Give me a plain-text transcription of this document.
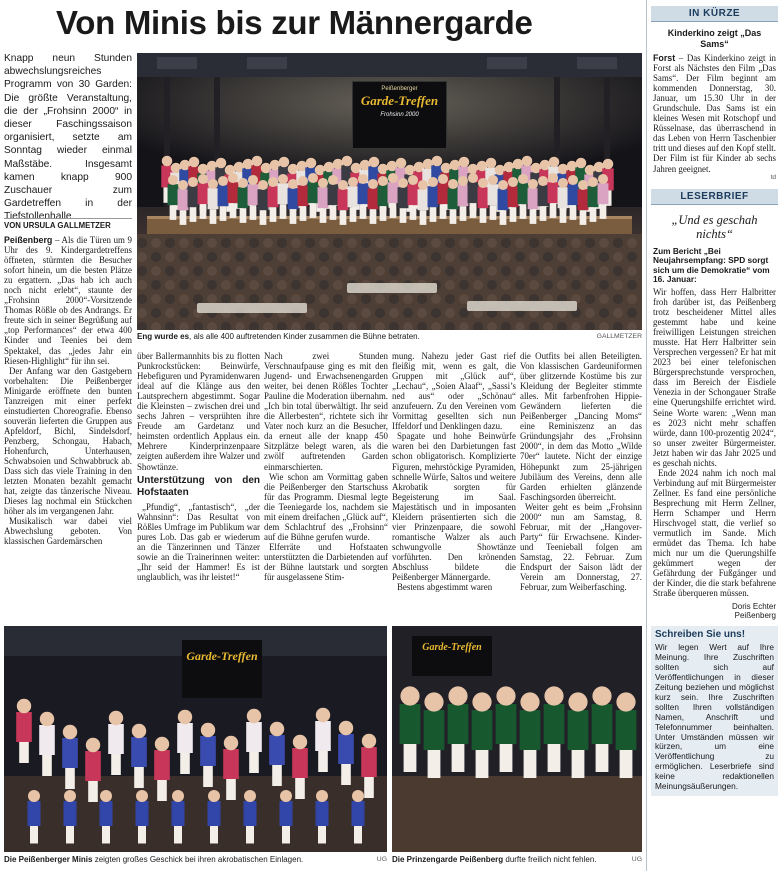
Von Minis bis zur Männergarde
Knapp neun Stunden abwechslungsreiches Programm von 30 Garden: Die größte Veranstaltung, die der „Frohsinn 2000“ in dieser Faschingssaison organisiert, setzte am Sonntag wieder einmal Maßstäbe. Insgesamt kamen knapp 900 Zuschauer zum Gardetreffen in der Tiefstollenhalle.
VON URSULA GALLMETZER
Peißenberger
Garde-Treffen
Frohsinn 2000
Eng wurde es, als alle 400 auftretenden Kinder zusammen die Bühne betraten.	GALLMETZER

Peißenberg – Als die Türen um 9 Uhr des 9. Kindergardetreffens öffneten, stürmten die Besucher sofort hinein, um die besten Plätze zu ergattern. „Das hab ich auch noch nicht erlebt“, staunte der „Frohsinn 2000“-Vorsitzende Thomas Rößle ob des Andrangs. Er freute sich in seiner Begrüßung auf „top Performances“ der etwa 400 Kinder und Teenies bei dem Spektakel, das „jedes Jahr ein Riesen-Highlight“ für ihn sei.

Der Anfang war den Gastgebern vorbehalten: Die Peißenberger Minigarde eröffnete den bunten Tanzreigen mit einer perfekt einstudierten Choreografie. Ebenso souverän lieferten die Gruppen aus Apfeldorf, Bichl, Sindelsdorf, Penzberg, Schongau, Habach, Hohenfurch, Unterhausen, Schwabsoien und Schwabbruck ab. Dass sich das viele Training in den letzten Monaten bezahlt gemacht hat, zeigte das tänzerische Niveau. Dieses lag nochmal ein Stückchen höher als im vergangenen Jahr.

Musikalisch war dabei viel Abwechslung geboten. Von klassischen Gardemärschen

über Ballermannhits bis zu flotten Punkrockstücken: Beinwürfe, Hebefiguren und Pyramidenwaren ideal auf die Klänge aus den Lautsprechern abgestimmt. Sogar die Kleinsten – zwischen drei und sechs Jahren – versprühten ihre Freude am Gardetanz und heimsten ordentlich Applaus ein. Mehrere Kinderprinzenpaare zeigten außerdem ihre Walzer und Showtänze.

Unterstützung von den Hofstaaten

„Pfundig“, „fantastisch“, „der Wahnsinn“: Das Resultat von Rößles Umfrage im Publikum war pures Lob. Das gab er wiederum an die Tänzerinnen und Tänzer sowie an die Trainerinnen weiter: „Ihr seid der Hammer! Es ist unglaublich, was ihr leistet!“

Nach zwei Stunden Verschnaufpause ging es mit den Jugend- und Erwachsenengarden weiter, bei denen Rößles Tochter Pauline die Moderation übernahm. „Ich bin total überwältigt. Ihr seid die Allerbesten“, richtete sich ihr Vater noch kurz an die Besucher, da erneut alle der knapp 450 Sitzplätze belegt waren, als die zwölf auftretenden Garden einmarschierten.

Wie schon am Vormittag gaben die Peißenberger den Startschuss für das Programm. Diesmal legte die Teeniegarde los, nachdem sie mit einem dreifachen „Glück auf“, dem Schlachtruf des „Frohsinn“ auf die Bühne gerufen wurde.

Elferräte und Hofstaaten unterstützten die Darbietenden auf der Bühne lautstark und sorgten für ausgelassene Stim-

mung. Nahezu jeder Gast rief fleißig mit, wenn es galt, die Gruppen mit „Glück auf“, „Lechau“, „Soien Alaaf“, „Sassi’s ned aus“ oder „Schönau“ anzufeuern. Zu den Vereinen vom Vormittag gesellten sich nun Iffeldorf und Denklingen dazu.

Spagate und hohe Beinwürfe waren bei den Darbietungen fast schon obligatorisch. Komplizierte Figuren, mehrstöckige Pyramiden, schnelle Würfe, Saltos und weitere Akrobatik sorgten für Begeisterung im Saal. Majestätisch und in imposanten Kleidern präsentierten sich die vier Prinzenpaare, die sowohl romantische Walzer als auch schwungvolle Showtänze vorführten. Den krönenden Abschluss bildete die Peißenberger Männergarde.

Bestens abgestimmt waren

die Outfits bei allen Beteiligten. Von klassischen Gardeuniformen über glitzernde Kostüme bis zur Kleidung der Begleiter stimmte alles. Mit farbenfrohen Hippie-Gewändern lieferten die Peißenberger „Dancing Moms“ eine Reminiszenz an das Gründungsjahr des „Frohsinn 2000“, in dem das Motto „Wilde 70er“ lautete. Nicht der einzige Höhepunkt zum 25-jährigen Jubiläum des Vereins, denn alle Garden erhielten glänzende Faschingsorden überreicht.

Weiter geht es beim „Frohsinn 2000“ nun am Samstag, 8. Februar, mit der „Hangover-Party“ für Erwachsene. Kinder- und Teenieball folgen am Samstag, 22. Februar. Zum Endspurt der Saison lädt der Verein am Donnerstag, 27. Februar, zum Weiberfasching.

Garde-Treffen
Die Peißenberger Minis zeigten großes Geschick bei ihren akrobatischen Einlagen.	UG
Garde-Treffen
Die Prinzengarde Peißenberg durfte freilich nicht fehlen.	UG
IN KÜRZE
Kinderkino zeigt „Das Sams“

Forst – Das Kinderkino zeigt in Forst als Nächstes den Film „Das Sams“. Der Film beginnt am kommenden Donnerstag, 30. Januar, um 15.30 Uhr in der Grundschule. Das Sams ist ein kleines Wesen mit Rotschopf und Rüsselnase, das überraschend in das Leben von Herrn Taschenbier tritt und dieses auf den Kopf stellt. Der Film ist für Kinder ab sechs Jahren geeignet.

td
LESERBRIEF
„Und es geschah nichts“
Zum Bericht „Bei Neujahrsempfang: SPD sorgt sich um die Demokratie“ vom 16. Januar:

Wir hoffen, dass Herr Halbritter froh darüber ist, das Peißenberg trotz bescheidener Mittel alles gestemmt habe und keine freiwilligen Leistungen streichen musste. Hat Herr Halbritter sein Versprechen vergessen? Er hat mit 2023 bei einer telefonischen Bürgersprechstunde versprochen, dass im Bereich der Eisdiele Venezia in der Schongauer Straße eine Querungshilfe errichtet wird. Seine Worte waren: „Wenn man es 2023 nicht mehr schaffen würde, dann 100-prozentig 2024“, so unser zweiter Bürgermeister. Jetzt haben wir das Jahr 2025 und es geschah nichts.

Ende 2024 nahm ich noch mal Verbindung auf mit Bürgermeister Zellner. Es fand eine persönliche Besprechung mit Herrn Zellner, Herrn Schamper und Herrn Hirschvogel statt, die verlief so vermutlich im Sande. Mich ermüdet das Thema. Ich habe mich nur um die Querungshilfe gekümmert wegen der Gefährdung der Fußgänger und der Kinder, die die stark befahrene Straße überqueren müssen.

Doris Echter
Peißenberg
Schreiben Sie uns!

Wir legen Wert auf Ihre Meinung. Ihre Zuschriften sollten sich auf Veröffentlichungen in dieser Zeitung beziehen und möglichst kurz sein. Ihre Zuschriften sollten Ihren vollständigen Namen, Anschrift und Telefonnummer beinhalten. Unter Umständen müssen wir kürzen, um eine Veröffentlichung zu ermöglichen. Leserbriefe sind keine redaktionellen Meinungsäußerungen.
